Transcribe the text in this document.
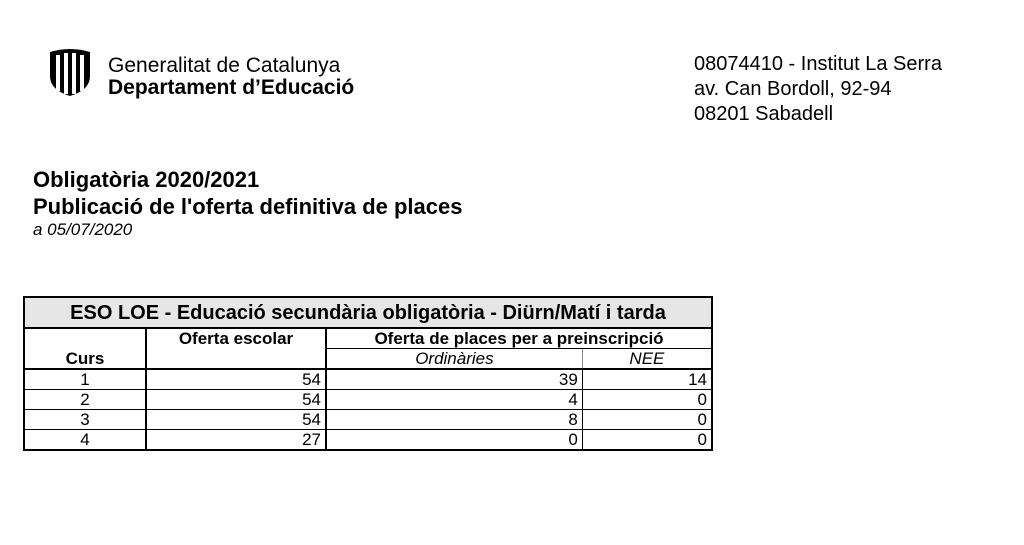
Generalitat de Catalunya
Departament d’Educació
08074410 - Institut La Serra
av. Can Bordoll, 92-94
08201 Sabadell
Obligatòria 2020/2021
Publicació de l'oferta definitiva de places
a 05/07/2020
ESO LOE - Educació secundària obligatòria - Diürn/Matí i tarda			
Curs	Oferta escolar	Oferta de places per a preinscripció	
		Ordinàries	NEE
1	54	39	14
2	54	4	0
3	54	8	0
4	27	0	0
